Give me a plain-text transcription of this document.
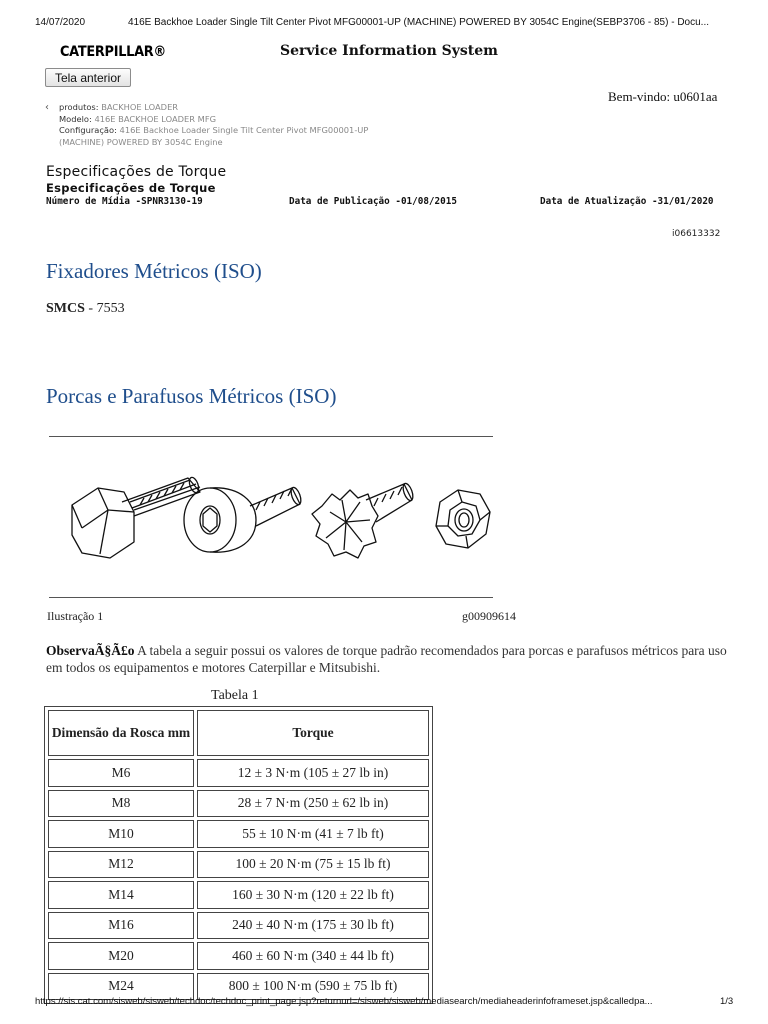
14/07/2020	416E Backhoe Loader Single Tilt Center Pivot MFG00001-UP (MACHINE) POWERED BY 3054C Engine(SEBP3706 - 85) - Docu...
CATERPILLAR®	Service Information System
Tela anterior
Bem-vindo: u0601aa
‹	produtos: BACKHOE LOADER
Modelo: 416E BACKHOE LOADER MFG
Configuração: 416E Backhoe Loader Single Tilt Center Pivot MFG00001-UP
(MACHINE) POWERED BY 3054C Engine
Especificações de Torque
Especificações de Torque
Número de Mídia -SPNR3130-19	Data de Publicação -01/08/2015	Data de Atualização -31/01/2020
i06613332
Fixadores Métricos (ISO)
SMCS - 7553
Porcas e Parafusos Métricos (ISO)
Ilustração 1	g00909614
ObservaÃ§Ã£o A tabela a seguir possui os valores de torque padrão recomendados para porcas e parafusos métricos para uso em todos os equipamentos e motores Caterpillar e Mitsubishi.
Tabela 1
Dimensão da Rosca mm	Torque
M6	12 ± 3 N·m (105 ± 27 lb in)
M8	28 ± 7 N·m (250 ± 62 lb in)
M10	55 ± 10 N·m (41 ± 7 lb ft)
M12	100 ± 20 N·m (75 ± 15 lb ft)
M14	160 ± 30 N·m (120 ± 22 lb ft)
M16	240 ± 40 N·m (175 ± 30 lb ft)
M20	460 ± 60 N·m (340 ± 44 lb ft)
M24	800 ± 100 N·m (590 ± 75 lb ft)
https://sis.cat.com/sisweb/sisweb/techdoc/techdoc_print_page.jsp?returnurl=/sisweb/sisweb/mediasearch/mediaheaderinfoframeset.jsp&calledpa...	1/3
